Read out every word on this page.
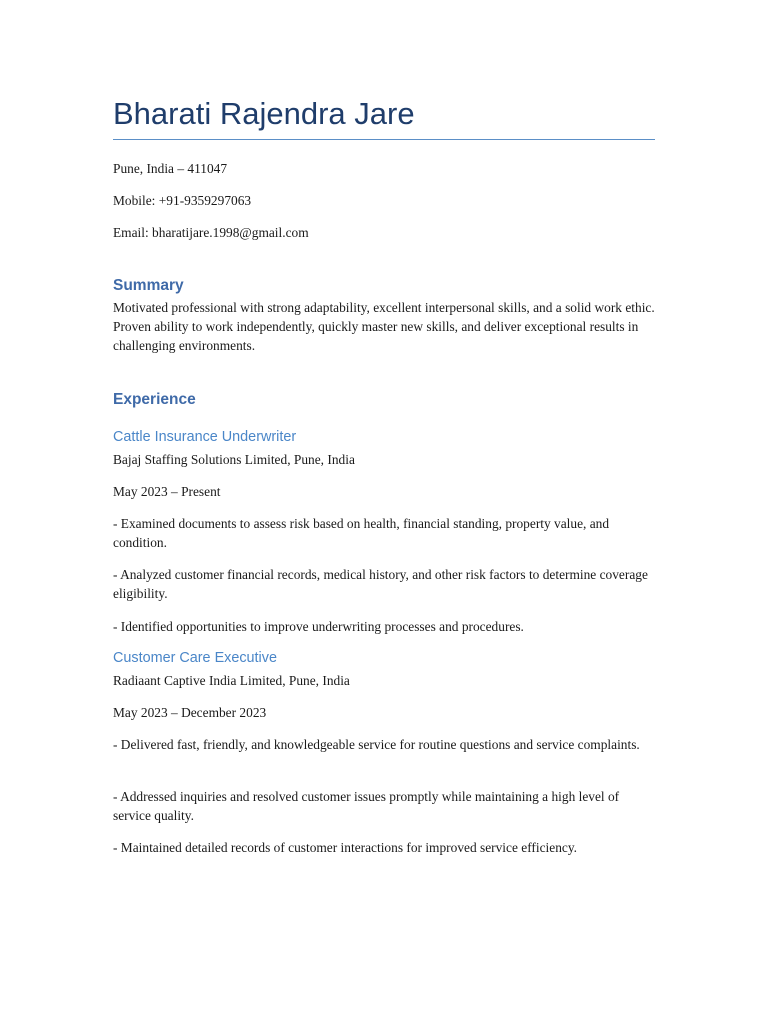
Bharati Rajendra Jare
Pune, India – 411047
Mobile: +91-9359297063
Email: bharatijare.1998@gmail.com
Summary
Motivated professional with strong adaptability, excellent interpersonal skills, and a solid work ethic. Proven ability to work independently, quickly master new skills, and deliver exceptional results in challenging environments.
Experience
Cattle Insurance Underwriter
Bajaj Staffing Solutions Limited, Pune, India
May 2023 – Present
- Examined documents to assess risk based on health, financial standing, property value, and condition.
- Analyzed customer financial records, medical history, and other risk factors to determine coverage eligibility.
- Identified opportunities to improve underwriting processes and procedures.
Customer Care Executive
Radiaant Captive India Limited, Pune, India
May 2023 – December 2023
- Delivered fast, friendly, and knowledgeable service for routine questions and service complaints.
- Addressed inquiries and resolved customer issues promptly while maintaining a high level of service quality.
- Maintained detailed records of customer interactions for improved service efficiency.
